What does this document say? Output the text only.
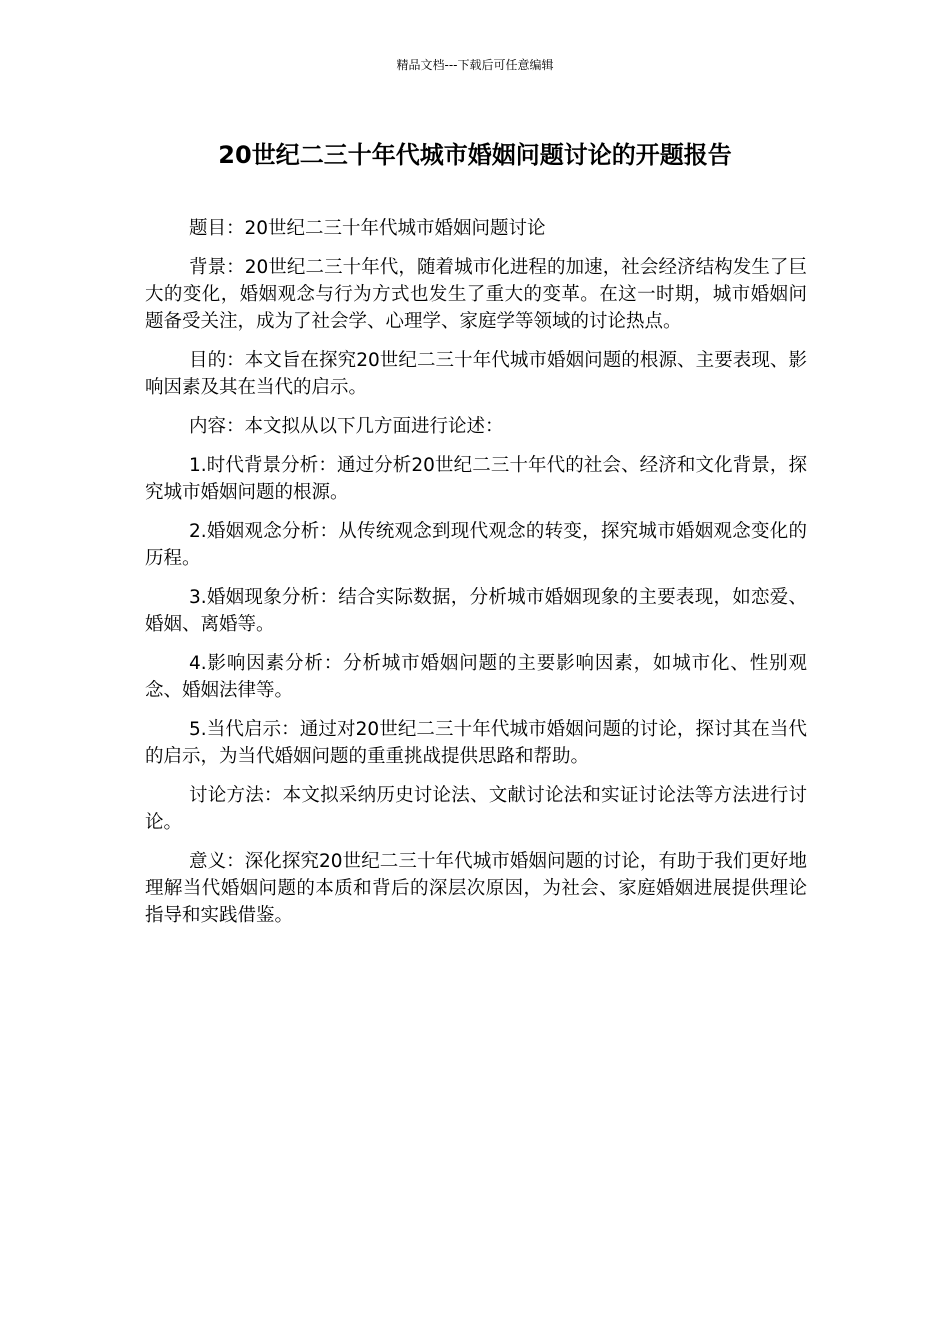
精品文档---下载后可任意编辑
20世纪二三十年代城市婚姻问题讨论的开题报告

题目：20世纪二三十年代城市婚姻问题讨论

背景：20世纪二三十年代，随着城市化进程的加速，社会经济结构发生了巨大的变化，婚姻观念与行为方式也发生了重大的变革。在这一时期，城市婚姻问题备受关注，成为了社会学、心理学、家庭学等领域的讨论热点。

目的：本文旨在探究20世纪二三十年代城市婚姻问题的根源、主要表现、影响因素及其在当代的启示。

内容：本文拟从以下几方面进行论述：

1.时代背景分析：通过分析20世纪二三十年代的社会、经济和文化背景，探究城市婚姻问题的根源。

2.婚姻观念分析：从传统观念到现代观念的转变，探究城市婚姻观念变化的历程。

3.婚姻现象分析：结合实际数据，分析城市婚姻现象的主要表现，如恋爱、婚姻、离婚等。

4.影响因素分析：分析城市婚姻问题的主要影响因素，如城市化、性别观念、婚姻法律等。

5.当代启示：通过对20世纪二三十年代城市婚姻问题的讨论，探讨其在当代的启示，为当代婚姻问题的重重挑战提供思路和帮助。

讨论方法：本文拟采纳历史讨论法、文献讨论法和实证讨论法等方法进行讨论。

意义：深化探究20世纪二三十年代城市婚姻问题的讨论，有助于我们更好地理解当代婚姻问题的本质和背后的深层次原因，为社会、家庭婚姻进展提供理论指导和实践借鉴。
